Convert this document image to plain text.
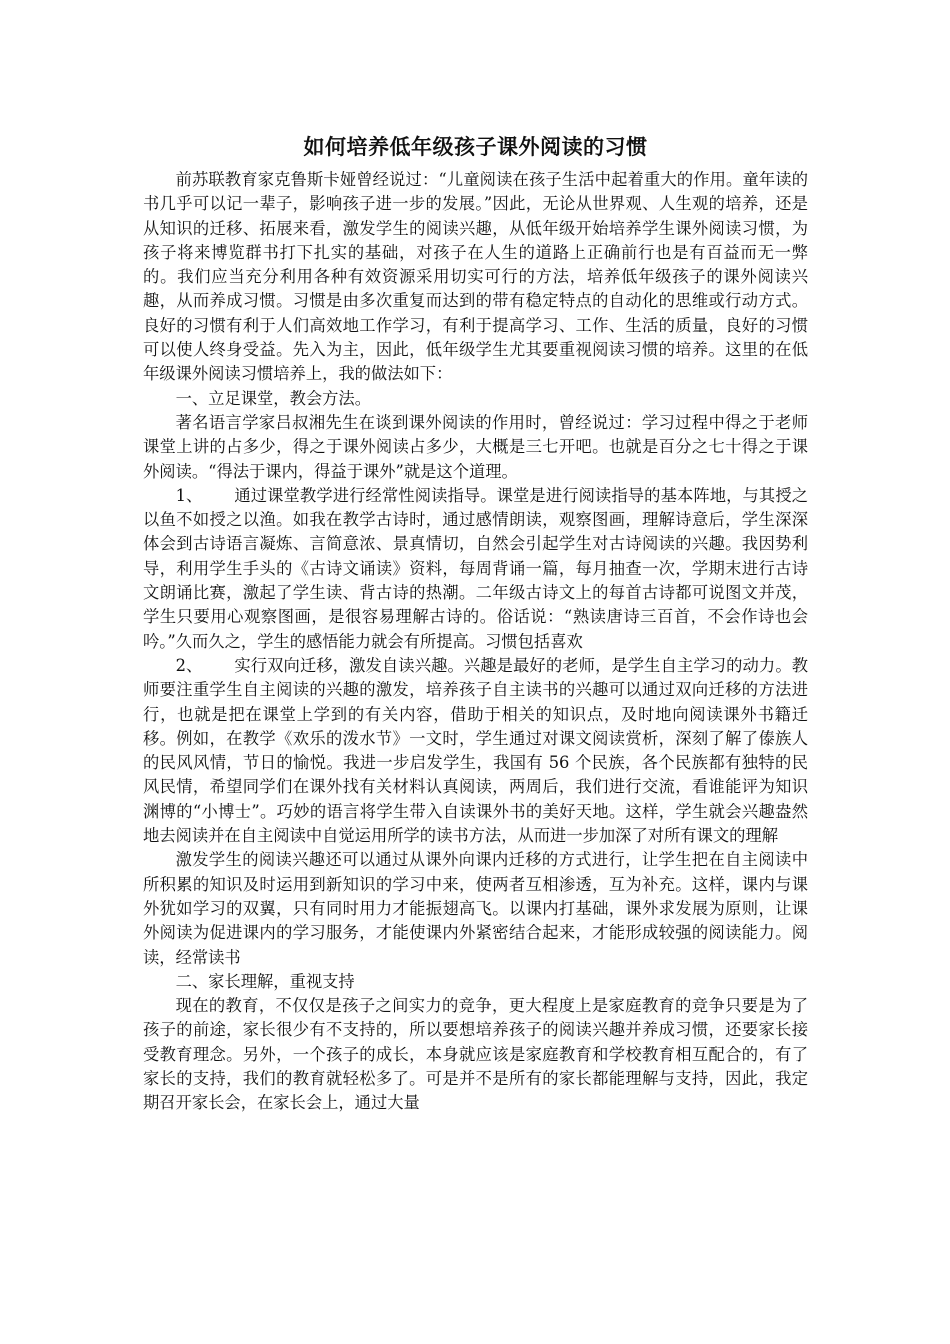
如何培养低年级孩子课外阅读的习惯

前苏联教育家克鲁斯卡娅曾经说过：“儿童阅读在孩子生活中起着重大的作用。童年读的书几乎可以记一辈子，影响孩子进一步的发展。”因此，无论从世界观、人生观的培养，还是从知识的迁移、拓展来看，激发学生的阅读兴趣，从低年级开始培养学生课外阅读习惯，为孩子将来博览群书打下扎实的基础，对孩子在人生的道路上正确前行也是有百益而无一弊的。我们应当充分利用各种有效资源采用切实可行的方法，培养低年级孩子的课外阅读兴趣，从而养成习惯。习惯是由多次重复而达到的带有稳定特点的自动化的思维或行动方式。良好的习惯有利于人们高效地工作学习，有利于提高学习、工作、生活的质量，良好的习惯可以使人终身受益。先入为主，因此，低年级学生尤其要重视阅读习惯的培养。这里的在低年级课外阅读习惯培养上，我的做法如下：

一、立足课堂，教会方法。

著名语言学家吕叔湘先生在谈到课外阅读的作用时，曾经说过：学习过程中得之于老师课堂上讲的占多少，得之于课外阅读占多少，大概是三七开吧。也就是百分之七十得之于课外阅读。“得法于课内，得益于课外”就是这个道理。

1、 通过课堂教学进行经常性阅读指导。课堂是进行阅读指导的基本阵地，与其授之以鱼不如授之以渔。如我在教学古诗时，通过感情朗读，观察图画，理解诗意后，学生深深体会到古诗语言凝炼、言简意浓、景真情切，自然会引起学生对古诗阅读的兴趣。我因势利导，利用学生手头的《古诗文诵读》资料，每周背诵一篇，每月抽查一次，学期末进行古诗文朗诵比赛，激起了学生读、背古诗的热潮。二年级古诗文上的每首古诗都可说图文并茂，学生只要用心观察图画，是很容易理解古诗的。俗话说：“熟读唐诗三百首，不会作诗也会吟。”久而久之，学生的感悟能力就会有所提高。习惯包括喜欢

2、 实行双向迁移，激发自读兴趣。兴趣是最好的老师，是学生自主学习的动力。教师要注重学生自主阅读的兴趣的激发，培养孩子自主读书的兴趣可以通过双向迁移的方法进行，也就是把在课堂上学到的有关内容，借助于相关的知识点，及时地向阅读课外书籍迁移。例如，在教学《欢乐的泼水节》一文时，学生通过对课文阅读赏析，深刻了解了傣族人的民风风情，节日的愉悦。我进一步启发学生，我国有 56 个民族，各个民族都有独特的民风民情，希望同学们在课外找有关材料认真阅读，两周后，我们进行交流，看谁能评为知识渊博的“小博士”。巧妙的语言将学生带入自读课外书的美好天地。这样，学生就会兴趣盎然地去阅读并在自主阅读中自觉运用所学的读书方法，从而进一步加深了对所有课文的理解

激发学生的阅读兴趣还可以通过从课外向课内迁移的方式进行，让学生把在自主阅读中所积累的知识及时运用到新知识的学习中来，使两者互相渗透，互为补充。这样，课内与课外犹如学习的双翼，只有同时用力才能振翅高飞。以课内打基础，课外求发展为原则，让课外阅读为促进课内的学习服务，才能使课内外紧密结合起来，才能形成较强的阅读能力。阅读，经常读书

二、家长理解，重视支持

现在的教育，不仅仅是孩子之间实力的竞争，更大程度上是家庭教育的竞争只要是为了孩子的前途，家长很少有不支持的，所以要想培养孩子的阅读兴趣并养成习惯，还要家长接受教育理念。另外，一个孩子的成长，本身就应该是家庭教育和学校教育相互配合的，有了家长的支持，我们的教育就轻松多了。可是并不是所有的家长都能理解与支持，因此，我定期召开家长会，在家长会上，通过大量
